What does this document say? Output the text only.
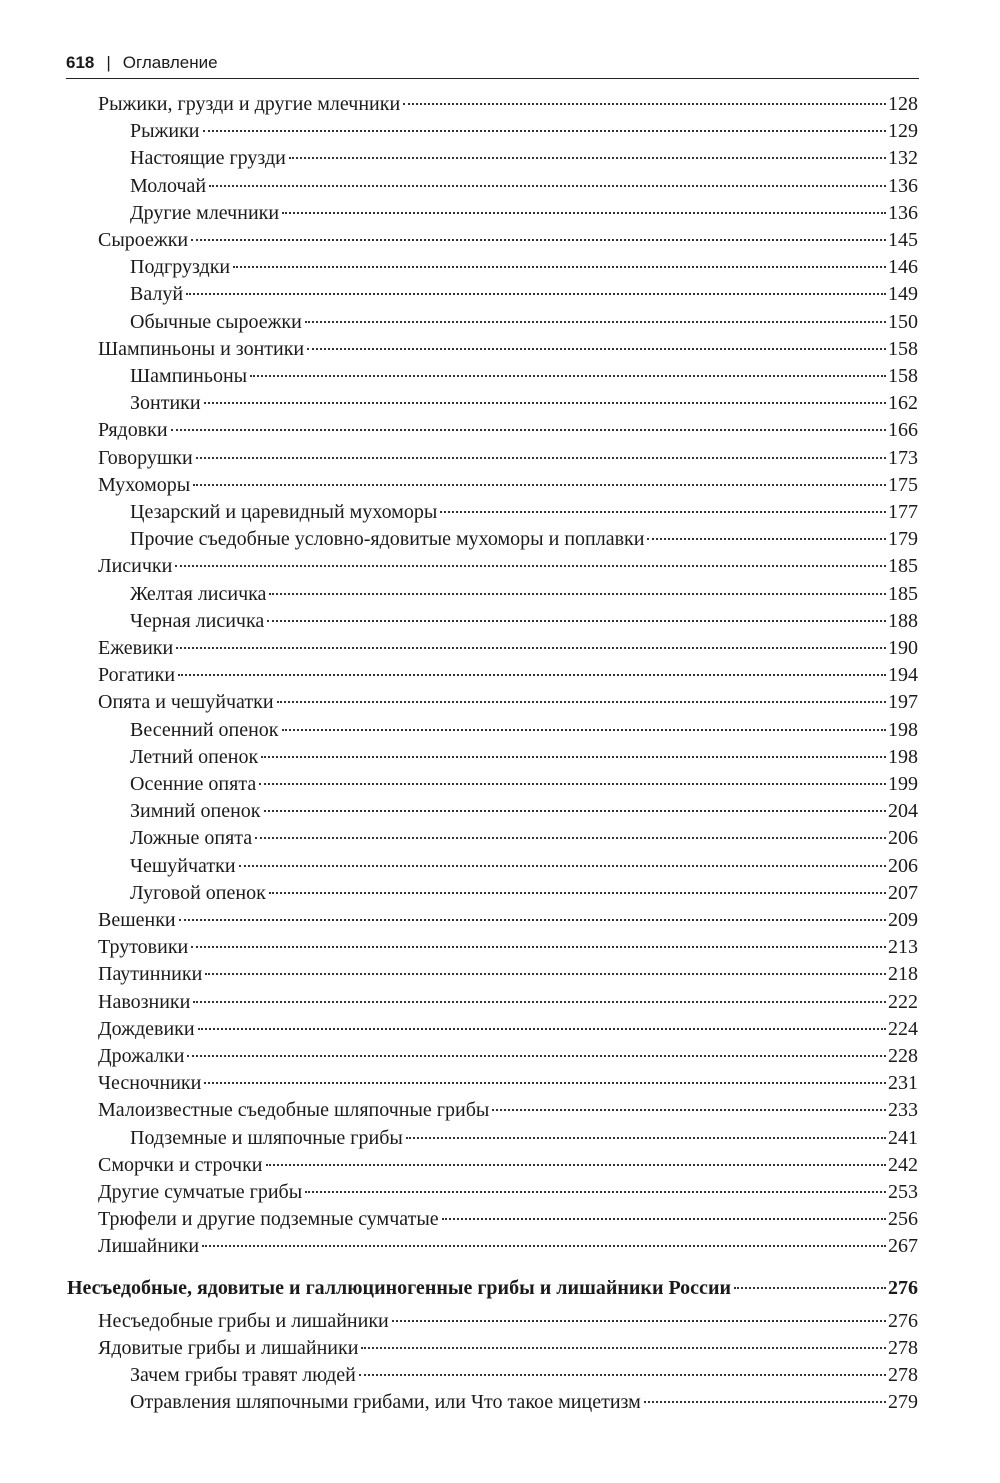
618 | Оглавление
Рыжики, грузди и другие млечники	128
Рыжики	129
Настоящие грузди	132
Молочай	136
Другие млечники	136
Сыроежки	145
Подгруздки	146
Валуй	149
Обычные сыроежки	150
Шампиньоны и зонтики	158
Шампиньоны	158
Зонтики	162
Рядовки	166
Говорушки	173
Мухоморы	175
Цезарский и царевидный мухоморы	177
Прочие съедобные условно-ядовитые мухоморы и поплавки	179
Лисички	185
Желтая лисичка	185
Черная лисичка	188
Ежевики	190
Рогатики	194
Опята и чешуйчатки	197
Весенний опенок	198
Летний опенок	198
Осенние опята	199
Зимний опенок	204
Ложные опята	206
Чешуйчатки	206
Луговой опенок	207
Вешенки	209
Трутовики	213
Паутинники	218
Навозники	222
Дождевики	224
Дрожалки	228
Чесночники	231
Малоизвестные съедобные шляпочные грибы	233
Подземные и шляпочные грибы	241
Сморчки и строчки	242
Другие сумчатые грибы	253
Трюфели и другие подземные сумчатые	256
Лишайники	267
Несъедобные, ядовитые и галлюциногенные грибы и лишайники России	276
Несъедобные грибы и лишайники	276
Ядовитые грибы и лишайники	278
Зачем грибы травят людей	278
Отравления шляпочными грибами, или Что такое мицетизм	279
